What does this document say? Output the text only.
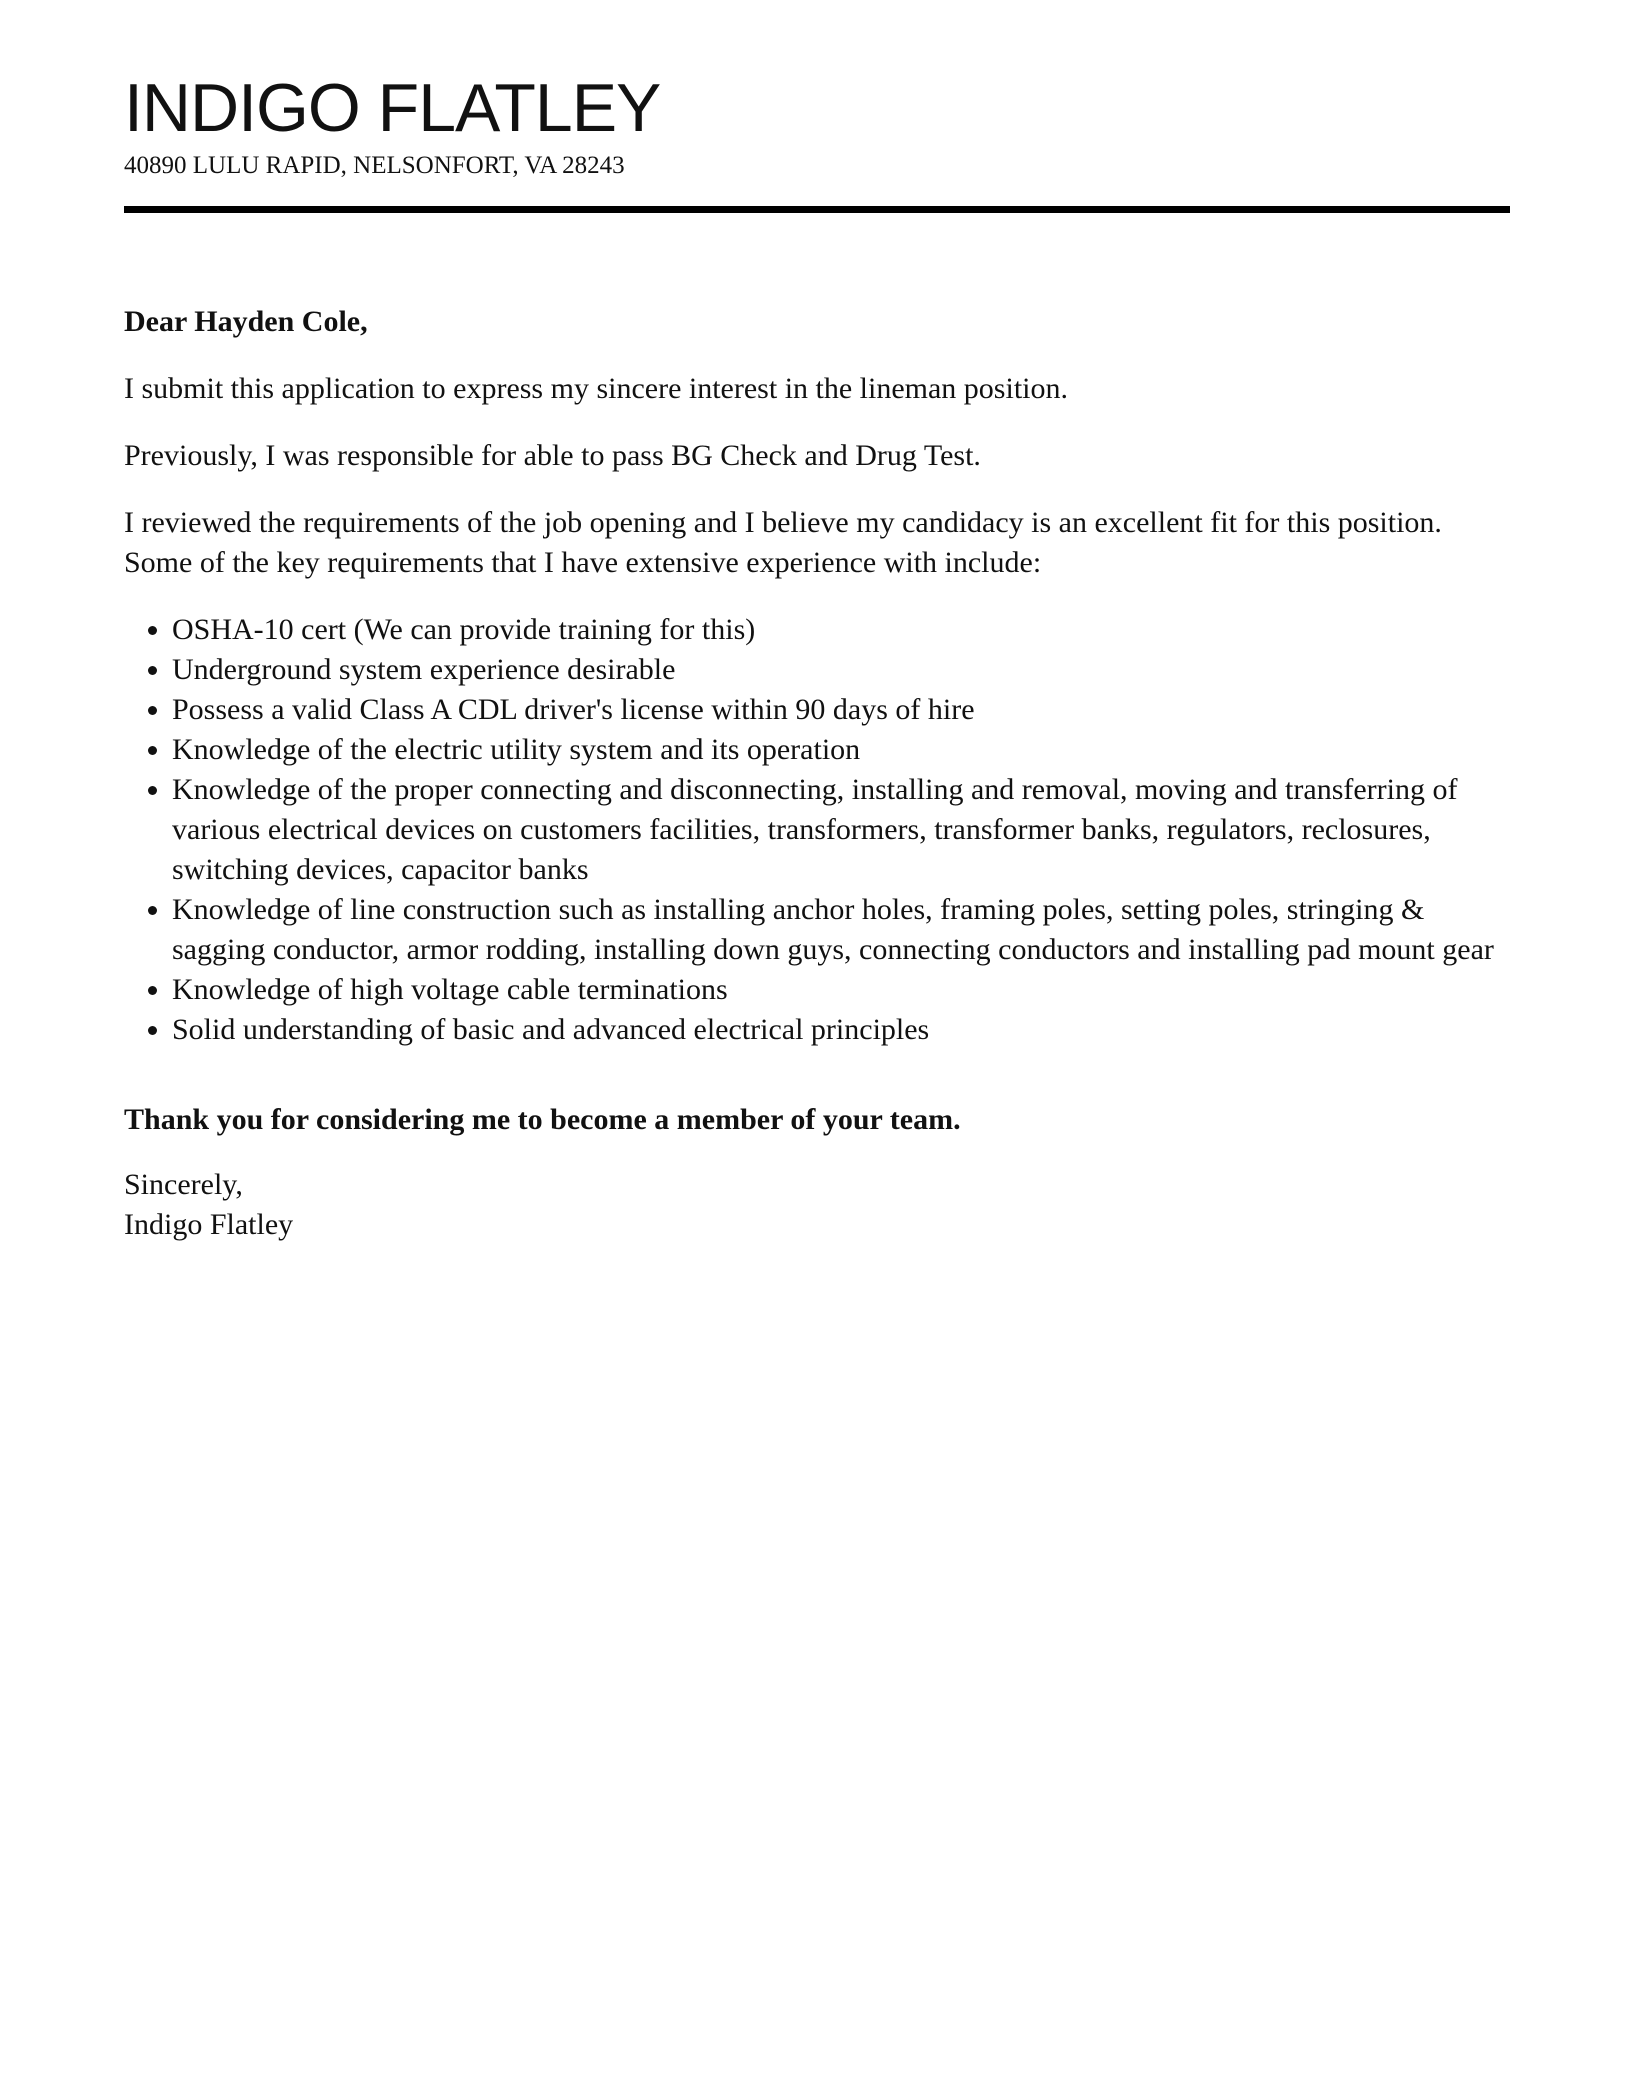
INDIGO FLATLEY
40890 LULU RAPID, NELSONFORT, VA 28243

Dear Hayden Cole,

I submit this application to express my sincere interest in the lineman position.

Previously, I was responsible for able to pass BG Check and Drug Test.

I reviewed the requirements of the job opening and I believe my candidacy is an excellent fit for this position. Some of the key requirements that I have extensive experience with include:

• OSHA-10 cert (We can provide training for this)
• Underground system experience desirable
• Possess a valid Class A CDL driver's license within 90 days of hire
• Knowledge of the electric utility system and its operation
• Knowledge of the proper connecting and disconnecting, installing and removal, moving and transferring of various electrical devices on customers facilities, transformers, transformer banks, regulators, reclosures, switching devices, capacitor banks
• Knowledge of line construction such as installing anchor holes, framing poles, setting poles, stringing & sagging conductor, armor rodding, installing down guys, connecting conductors and installing pad mount gear
• Knowledge of high voltage cable terminations
• Solid understanding of basic and advanced electrical principles

Thank you for considering me to become a member of your team.

Sincerely,
Indigo Flatley
